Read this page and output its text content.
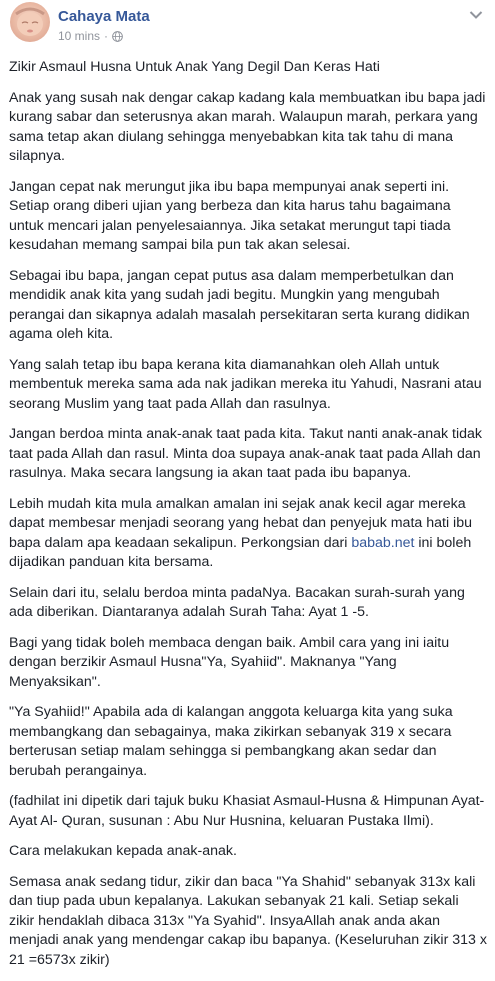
Cahaya Mata
10 mins ·

Zikir Asmaul Husna Untuk Anak Yang Degil Dan Keras Hati

Anak yang susah nak dengar cakap kadang kala membuatkan ibu bapa jadi kurang sabar dan seterusnya akan marah. Walaupun marah, perkara yang sama tetap akan diulang sehingga menyebabkan kita tak tahu di mana silapnya.

Jangan cepat nak merungut jika ibu bapa mempunyai anak seperti ini. Setiap orang diberi ujian yang berbeza dan kita harus tahu bagaimana untuk mencari jalan penyelesaiannya. Jika setakat merungut tapi tiada kesudahan memang sampai bila pun tak akan selesai.

Sebagai ibu bapa, jangan cepat putus asa dalam memperbetulkan dan mendidik anak kita yang sudah jadi begitu. Mungkin yang mengubah perangai dan sikapnya adalah masalah persekitaran serta kurang didikan agama oleh kita.

Yang salah tetap ibu bapa kerana kita diamanahkan oleh Allah untuk membentuk mereka sama ada nak jadikan mereka itu Yahudi, Nasrani atau seorang Muslim yang taat pada Allah dan rasulnya.

Jangan berdoa minta anak-anak taat pada kita. Takut nanti anak-anak tidak taat pada Allah dan rasul. Minta doa supaya anak-anak taat pada Allah dan rasulnya. Maka secara langsung ia akan taat pada ibu bapanya.

Lebih mudah kita mula amalkan amalan ini sejak anak kecil agar mereka dapat membesar menjadi seorang yang hebat dan penyejuk mata hati ibu bapa dalam apa keadaan sekalipun. Perkongsian dari babab.net ini boleh dijadikan panduan kita bersama.

Selain dari itu, selalu berdoa minta padaNya. Bacakan surah-surah yang ada diberikan. Diantaranya adalah Surah Taha: Ayat 1 -5.

Bagi yang tidak boleh membaca dengan baik. Ambil cara yang ini iaitu dengan berzikir Asmaul Husna"Ya, Syahiid". Maknanya "Yang Menyaksikan".

"Ya Syahiid!" Apabila ada di kalangan anggota keluarga kita yang suka membangkang dan sebagainya, maka zikirkan sebanyak 319 x secara berterusan setiap malam sehingga si pembangkang akan sedar dan berubah perangainya.

(fadhilat ini dipetik dari tajuk buku Khasiat Asmaul-Husna & Himpunan Ayat-Ayat Al- Quran, susunan : Abu Nur Husnina, keluaran Pustaka Ilmi).

Cara melakukan kepada anak-anak.

Semasa anak sedang tidur, zikir dan baca "Ya Shahid" sebanyak 313x kali dan tiup pada ubun kepalanya. Lakukan sebanyak 21 kali. Setiap sekali zikir hendaklah dibaca 313x "Ya Syahid". InsyaAllah anak anda akan menjadi anak yang mendengar cakap ibu bapanya. (Keseluruhan zikir 313 x 21 =6573x zikir)
